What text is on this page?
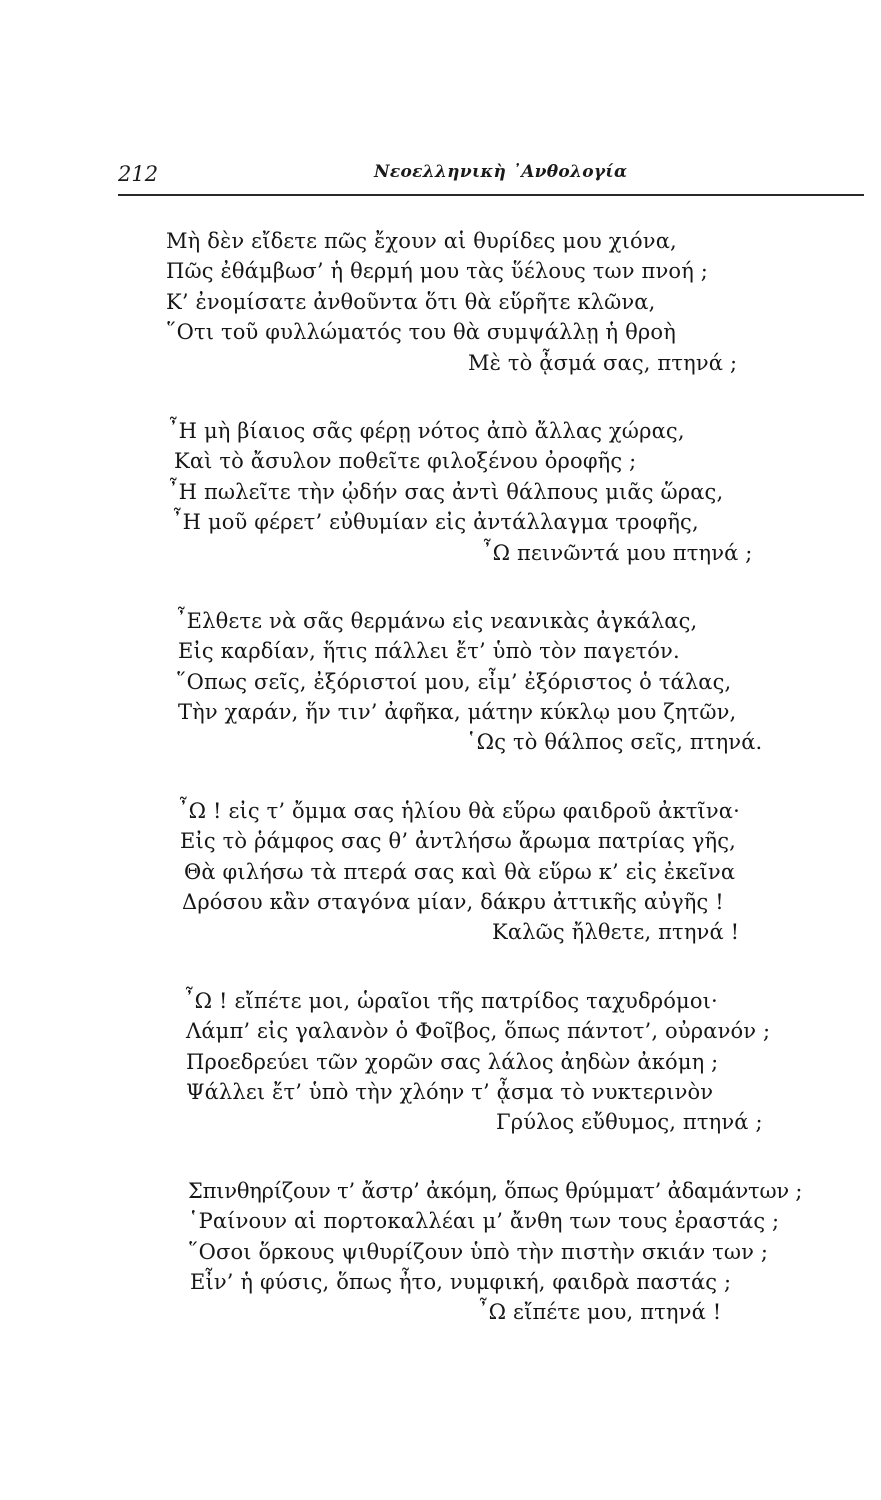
212	Νεοελληνικὴ ᾿Ανθολογία
Μὴ δὲν εἴδετε πῶς ἔχουν αἱ θυρίδες μου χιόνα,
Πῶς ἐθάμβωσ’ ἡ θερμή μου τὰς ὕέλους των πνοή ;
Κ’ ἐνομίσατε ἀνθοῦντα ὅτι θὰ εὕρῆτε κλῶνα,
῞Οτι τοῦ φυλλώματός του θὰ συμψάλλῃ ἡ θροὴ
Μὲ τὸ ᾆσμά σας, πτηνά ;
῏Η μὴ βίαιος σᾶς φέρῃ νότος ἀπὸ ἄλλας χώρας,
Καὶ τὸ ἄσυλον ποθεῖτε φιλοξένου ὀροφῆς ;
῏Η πωλεῖτε τὴν ᾠδήν σας ἀντὶ θάλπους μιᾶς ὥρας,
῏Η μοῦ φέρετ’ εὐθυμίαν εἰς ἀντάλλαγμα τροφῆς,
῏Ω πεινῶντά μου πτηνά ;
῏Ελθετε νὰ σᾶς θερμάνω εἰς νεανικὰς ἀγκάλας,
Εἰς καρδίαν, ἥτις πάλλει ἔτ’ ὑπὸ τὸν παγετόν.
῞Οπως σεῖς, ἐξόριστοί μου, εἶμ’ ἐξόριστος ὁ τάλας,
Τὴν χαράν, ἥν τιν’ ἀφῆκα, μάτην κύκλῳ μου ζητῶν,
῾Ως τὸ θάλπος σεῖς, πτηνά.
῏Ω ! εἰς τ’ ὄμμα σας ἡλίου θὰ εὕρω φαιδροῦ ἀκτῖνα·
Εἰς τὸ ῥάμφος σας θ’ ἀντλήσω ἄρωμα πατρίας γῆς,
Θὰ φιλήσω τὰ πτερά σας καὶ θὰ εὕρω κ’ εἰς ἐκεῖνα
Δρόσου κἂν σταγόνα μίαν, δάκρυ ἀττικῆς αὐγῆς !
Καλῶς ἤλθετε, πτηνά !
῏Ω ! εἴπέτε μοι, ὡραῖοι τῆς πατρίδος ταχυδρόμοι·
Λάμπ’ εἰς γαλανὸν ὁ Φοῖβος, ὅπως πάντοτ’, οὐρανόν ;
Προεδρεύει τῶν χορῶν σας λάλος ἀηδὼν ἀκόμη ;
Ψάλλει ἔτ’ ὑπὸ τὴν χλόην τ’ ᾆσμα τὸ νυκτερινὸν
Γρύλος εὔθυμος, πτηνά ;
Σπινθηρίζουν τ’ ἄστρ’ ἀκόμη, ὅπως θρύμματ’ ἀδαμάντων ;
῾Ραίνουν αἱ πορτοκαλλέαι μ’ ἄνθη των τους ἐραστάς ;
῞Οσοι ὅρκους ψιθυρίζουν ὑπὸ τὴν πιστὴν σκιάν των ;
Εἶν’ ἡ φύσις, ὅπως ἦτο, νυμφική, φαιδρὰ παστάς ;
῏Ω εἴπέτε μου, πτηνά !
